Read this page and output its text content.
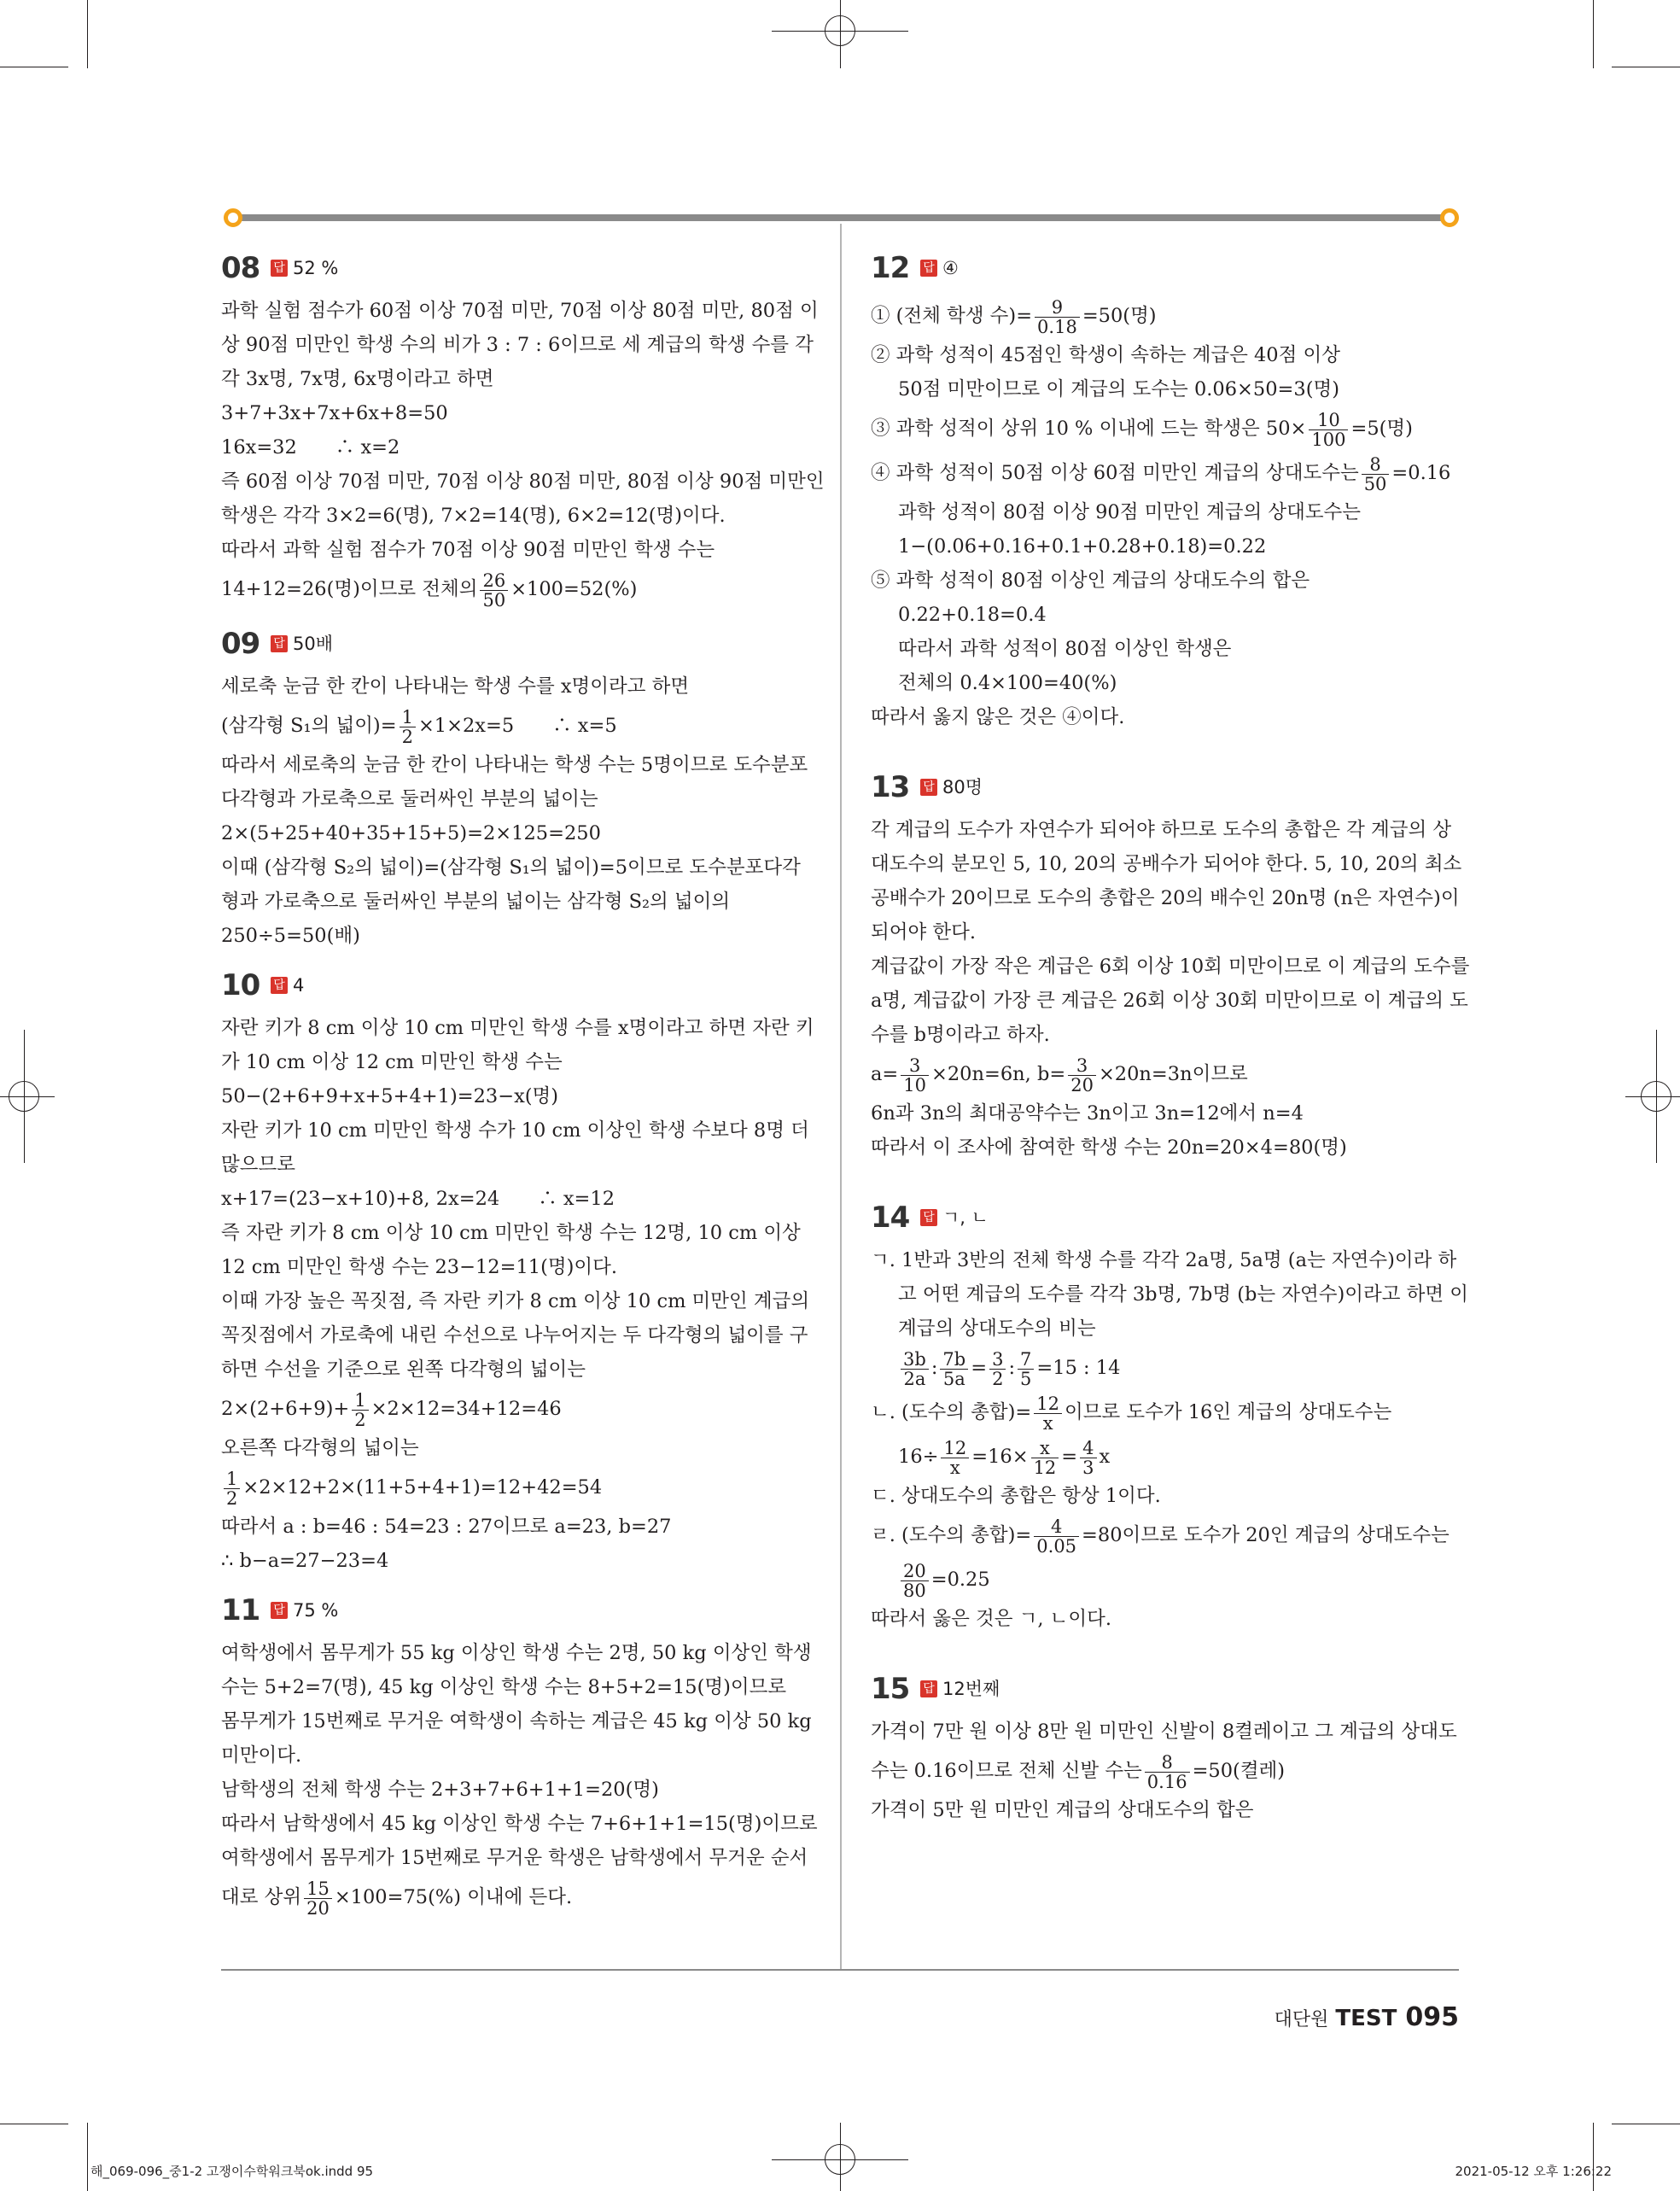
08	답 52 %
과학 실험 점수가 60점 이상 70점 미만, 70점 이상 80점 미만, 80점 이
상 90점 미만인 학생 수의 비가 3 : 7 : 6이므로 세 계급의 학생 수를 각
각 3x명, 7x명, 6x명이라고 하면
3+7+3x+7x+6x+8=50
16x=32　　∴ x=2
즉 60점 이상 70점 미만, 70점 이상 80점 미만, 80점 이상 90점 미만인
학생은 각각 3×2=6(명), 7×2=14(명), 6×2=12(명)이다.
따라서 과학 실험 점수가 70점 이상 90점 미만인 학생 수는
14+12=26(명)이므로 전체의 $\frac{26}{50} \times 100=52(\%)$
09	답 50배
세로축 눈금 한 칸이 나타내는 학생 수를 x명이라고 하면
(삼각형 S₁의 넓이)= $\frac{1}{2} \times 1\times 2x=5$　　∴ x=5
따라서 세로축의 눈금 한 칸이 나타내는 학생 수는 5명이므로 도수분포
다각형과 가로축으로 둘러싸인 부분의 넓이는
2×(5+25+40+35+15+5)=2×125=250
이때 (삼각형 S₂의 넓이)=(삼각형 S₁의 넓이)=5이므로 도수분포다각
형과 가로축으로 둘러싸인 부분의 넓이는 삼각형 S₂의 넓이의
250÷5=50(배)
10	답 4
자란 키가 8 cm 이상 10 cm 미만인 학생 수를 x명이라고 하면 자란 키
가 10 cm 이상 12 cm 미만인 학생 수는
50−(2+6+9+x+5+4+1)=23−x(명)
자란 키가 10 cm 미만인 학생 수가 10 cm 이상인 학생 수보다 8명 더
많으므로
x+17=(23−x+10)+8, 2x=24　　∴ x=12
즉 자란 키가 8 cm 이상 10 cm 미만인 학생 수는 12명, 10 cm 이상
12 cm 미만인 학생 수는 23−12=11(명)이다.
이때 가장 높은 꼭짓점, 즉 자란 키가 8 cm 이상 10 cm 미만인 계급의
꼭짓점에서 가로축에 내린 수선으로 나누어지는 두 다각형의 넓이를 구
하면 수선을 기준으로 왼쪽 다각형의 넓이는
$2\times(2+6+9)+ \frac{1}{2} \times 2\times 12=34+12=46$
오른쪽 다각형의 넓이는
$\frac{1}{2} \times 2\times 12+2\times(11+5+4+1)=12+42=54$
따라서 a : b=46 : 54=23 : 27이므로 a=23, b=27
∴ b−a=27−23=4
11	답 75 %
여학생에서 몸무게가 55 kg 이상인 학생 수는 2명, 50 kg 이상인 학생
수는 5+2=7(명), 45 kg 이상인 학생 수는 8+5+2=15(명)이므로
몸무게가 15번째로 무거운 여학생이 속하는 계급은 45 kg 이상 50 kg
미만이다.
남학생의 전체 학생 수는 2+3+7+6+1+1=20(명)
따라서 남학생에서 45 kg 이상인 학생 수는 7+6+1+1=15(명)이므로
여학생에서 몸무게가 15번째로 무거운 학생은 남학생에서 무거운 순서
대로 상위 $\frac{15}{20} \times 100=75(\%)$ 이내에 든다.
12	답 ④
① (전체 학생 수)= $\frac{9}{0.18} =50$(명)
② 과학 성적이 45점인 학생이 속하는 계급은 40점 이상
50점 미만이므로 이 계급의 도수는 0.06×50=3(명)
③ 과학 성적이 상위 10 % 이내에 드는 학생은 $50\times \frac{10}{100} =5$(명)
④ 과학 성적이 50점 이상 60점 미만인 계급의 상대도수는 $\frac{8}{50} =0.16$
과학 성적이 80점 이상 90점 미만인 계급의 상대도수는
1−(0.06+0.16+0.1+0.28+0.18)=0.22
⑤ 과학 성적이 80점 이상인 계급의 상대도수의 합은
0.22+0.18=0.4
따라서 과학 성적이 80점 이상인 학생은
전체의 0.4×100=40(%)
따라서 옳지 않은 것은 ④이다.
13	답 80명
각 계급의 도수가 자연수가 되어야 하므로 도수의 총합은 각 계급의 상
대도수의 분모인 5, 10, 20의 공배수가 되어야 한다. 5, 10, 20의 최소
공배수가 20이므로 도수의 총합은 20의 배수인 20n명 (n은 자연수)이
되어야 한다.
계급값이 가장 작은 계급은 6회 이상 10회 미만이므로 이 계급의 도수를
a명, 계급값이 가장 큰 계급은 26회 이상 30회 미만이므로 이 계급의 도
수를 b명이라고 하자.
$a= \frac{3}{10} \times 20n=6n$, $b= \frac{3}{20} \times 20n=3n$이므로
6n과 3n의 최대공약수는 3n이고 3n=12에서 n=4
따라서 이 조사에 참여한 학생 수는 20n=20×4=80(명)
14	답 ㄱ, ㄴ
ㄱ. 1반과 3반의 전체 학생 수를 각각 2a명, 5a명 (a는 자연수)이라 하
고 어떤 계급의 도수를 각각 3b명, 7b명 (b는 자연수)이라고 하면 이
계급의 상대도수의 비는
$\frac{3b}{2a}$ : $\frac{7b}{5a} = \frac{3}{2}$ : $\frac{7}{5} =15$ : 14
ㄴ. (도수의 총합)= $\frac{12}{x}$ 이므로 도수가 16인 계급의 상대도수는
$16\div \frac{12}{x} =16\times \frac{x}{12} = \frac{4}{3}$ x
ㄷ. 상대도수의 총합은 항상 1이다.
ㄹ. (도수의 총합)= $\frac{4}{0.05} =80$이므로 도수가 20인 계급의 상대도수는
$\frac{20}{80} =0.25$
따라서 옳은 것은 ㄱ, ㄴ이다.
15	답 12번째
가격이 7만 원 이상 8만 원 미만인 신발이 8켤레이고 그 계급의 상대도
수는 0.16이므로 전체 신발 수는 $\frac{8}{0.16} =50$(켤레)
가격이 5만 원 미만인 계급의 상대도수의 합은
대단원 TEST 095
해_069-096_중1-2 고쟁이수학워크북ok.indd 95	2021-05-12 오후 1:26:22
